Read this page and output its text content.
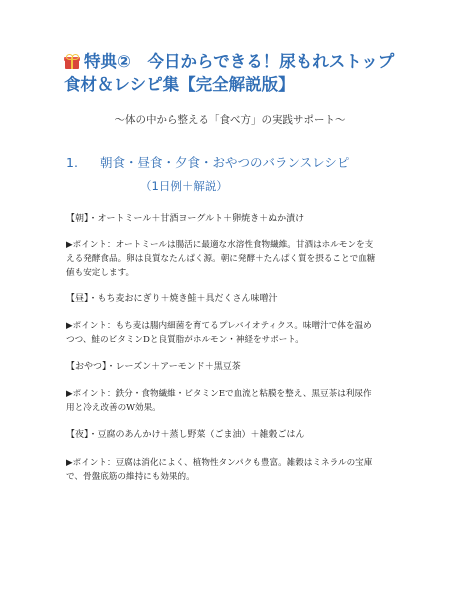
特典②　今日からできる！尿もれストップ
食材＆レシピ集【完全解説版】
〜体の中から整える「食べ方」の実践サポート〜
1. 朝食・昼食・夕食・おやつのバランスレシピ
（1日例＋解説）
【朝】・オートミール＋甘酒ヨーグルト＋卵焼き＋ぬか漬け
▶ポイント：オートミールは腸活に最適な水溶性食物繊維。甘酒はホルモンを支
える発酵食品。卵は良質なたんぱく源。朝に発酵＋たんぱく質を摂ることで血糖
値も安定します。
【昼】・もち麦おにぎり＋焼き鮭＋具だくさん味噌汁
▶ポイント：もち麦は腸内細菌を育てるプレバイオティクス。味噌汁で体を温め
つつ、鮭のビタミンDと良質脂がホルモン・神経をサポート。
【おやつ】・レーズン＋アーモンド＋黒豆茶
▶ポイント：鉄分・食物繊維・ビタミンEで血流と粘膜を整え、黒豆茶は利尿作
用と冷え改善のW効果。
【夜】・豆腐のあんかけ＋蒸し野菜（ごま油）＋雑穀ごはん
▶ポイント：豆腐は消化によく、植物性タンパクも豊富。雑穀はミネラルの宝庫
で、骨盤底筋の維持にも効果的。
